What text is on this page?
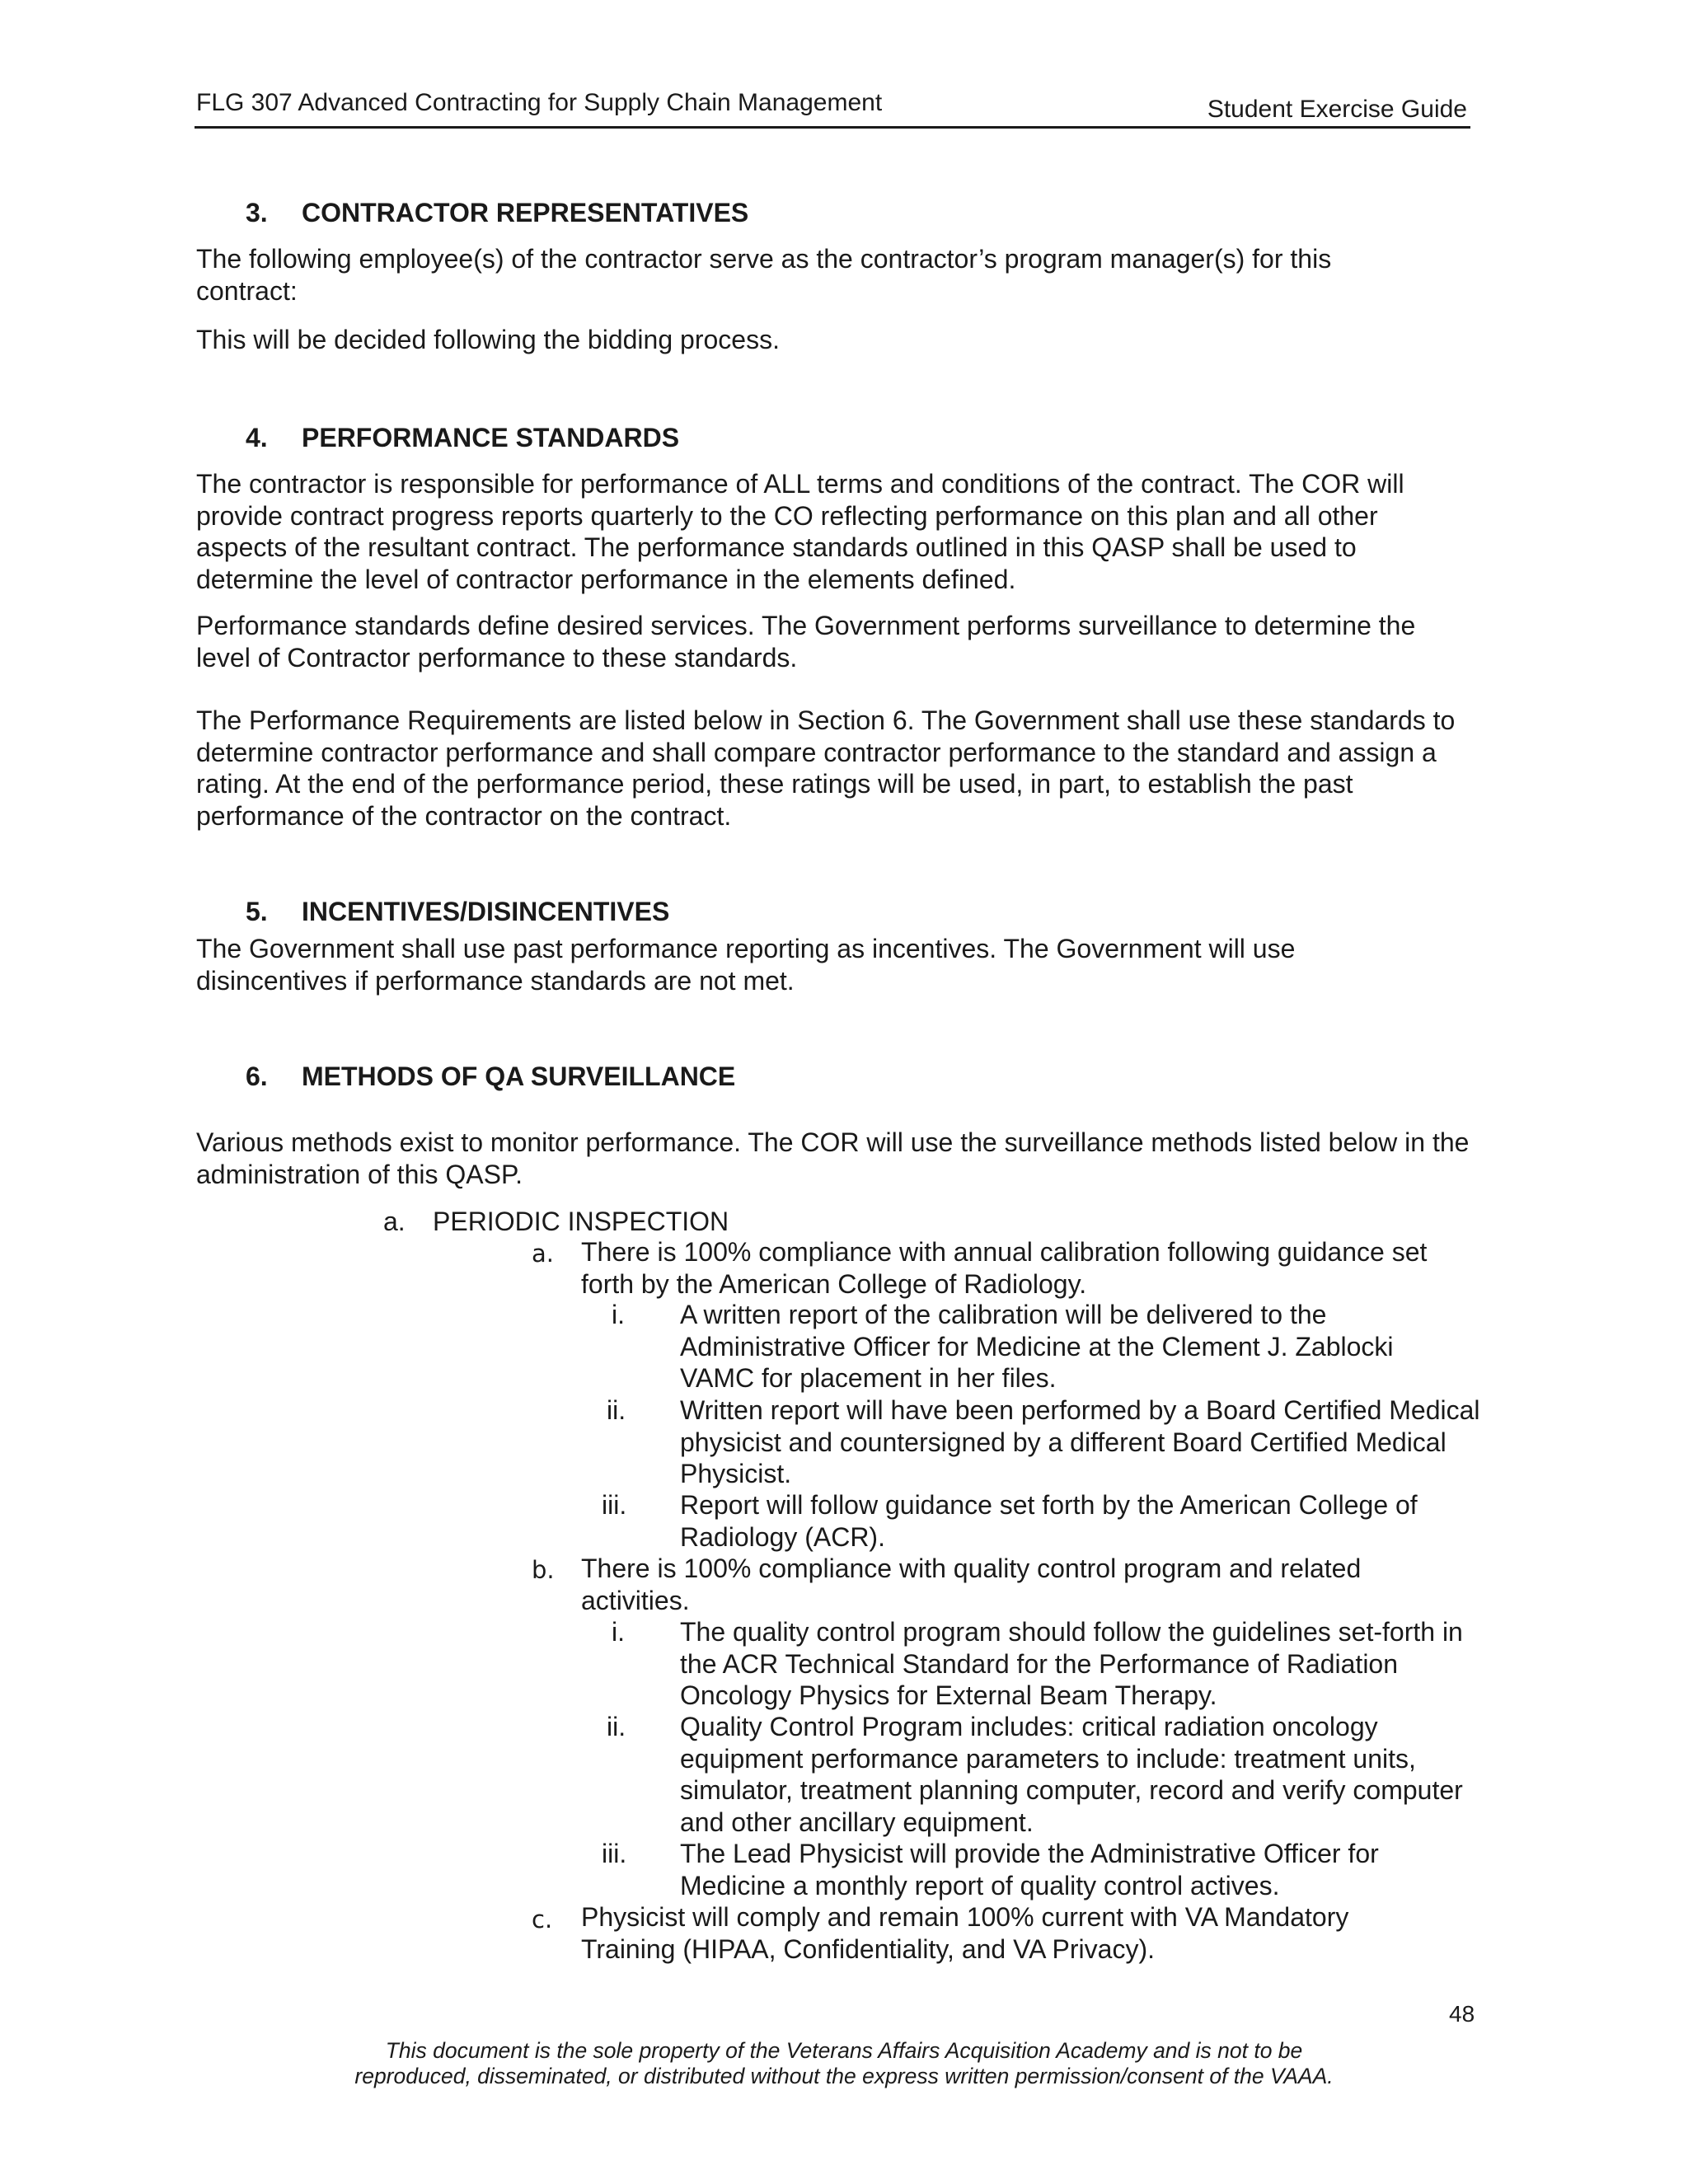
FLG 307 Advanced Contracting for Supply Chain Management	Student Exercise Guide
3. CONTRACTOR REPRESENTATIVES

The following employee(s) of the contractor serve as the contractor’s program manager(s) for this contract:

This will be decided following the bidding process.

4. PERFORMANCE STANDARDS

The contractor is responsible for performance of ALL terms and conditions of the contract. The COR will provide contract progress reports quarterly to the CO reflecting performance on this plan and all other aspects of the resultant contract. The performance standards outlined in this QASP shall be used to determine the level of contractor performance in the elements defined.

Performance standards define desired services. The Government performs surveillance to determine the level of Contractor performance to these standards.

The Performance Requirements are listed below in Section 6. The Government shall use these standards to determine contractor performance and shall compare contractor performance to the standard and assign a rating. At the end of the performance period, these ratings will be used, in part, to establish the past performance of the contractor on the contract.

5. INCENTIVES/DISINCENTIVES

The Government shall use past performance reporting as incentives. The Government will use disincentives if performance standards are not met.

6. METHODS OF QA SURVEILLANCE

Various methods exist to monitor performance. The COR will use the surveillance methods listed below in the administration of this QASP.

a. PERIODIC INSPECTION
a. There is 100% compliance with annual calibration following guidance set forth by the American College of Radiology.
i. A written report of the calibration will be delivered to the Administrative Officer for Medicine at the Clement J. Zablocki VAMC for placement in her files.
ii. Written report will have been performed by a Board Certified Medical physicist and countersigned by a different Board Certified Medical Physicist.
iii. Report will follow guidance set forth by the American College of Radiology (ACR).
b. There is 100% compliance with quality control program and related activities.
i. The quality control program should follow the guidelines set-forth in the ACR Technical Standard for the Performance of Radiation Oncology Physics for External Beam Therapy.
ii. Quality Control Program includes: critical radiation oncology equipment performance parameters to include: treatment units, simulator, treatment planning computer, record and verify computer and other ancillary equipment.
iii. The Lead Physicist will provide the Administrative Officer for Medicine a monthly report of quality control actives.
c. Physicist will comply and remain 100% current with VA Mandatory Training (HIPAA, Confidentiality, and VA Privacy).
48
This document is the sole property of the Veterans Affairs Acquisition Academy and is not to be
reproduced, disseminated, or distributed without the express written permission/consent of the VAAA.
